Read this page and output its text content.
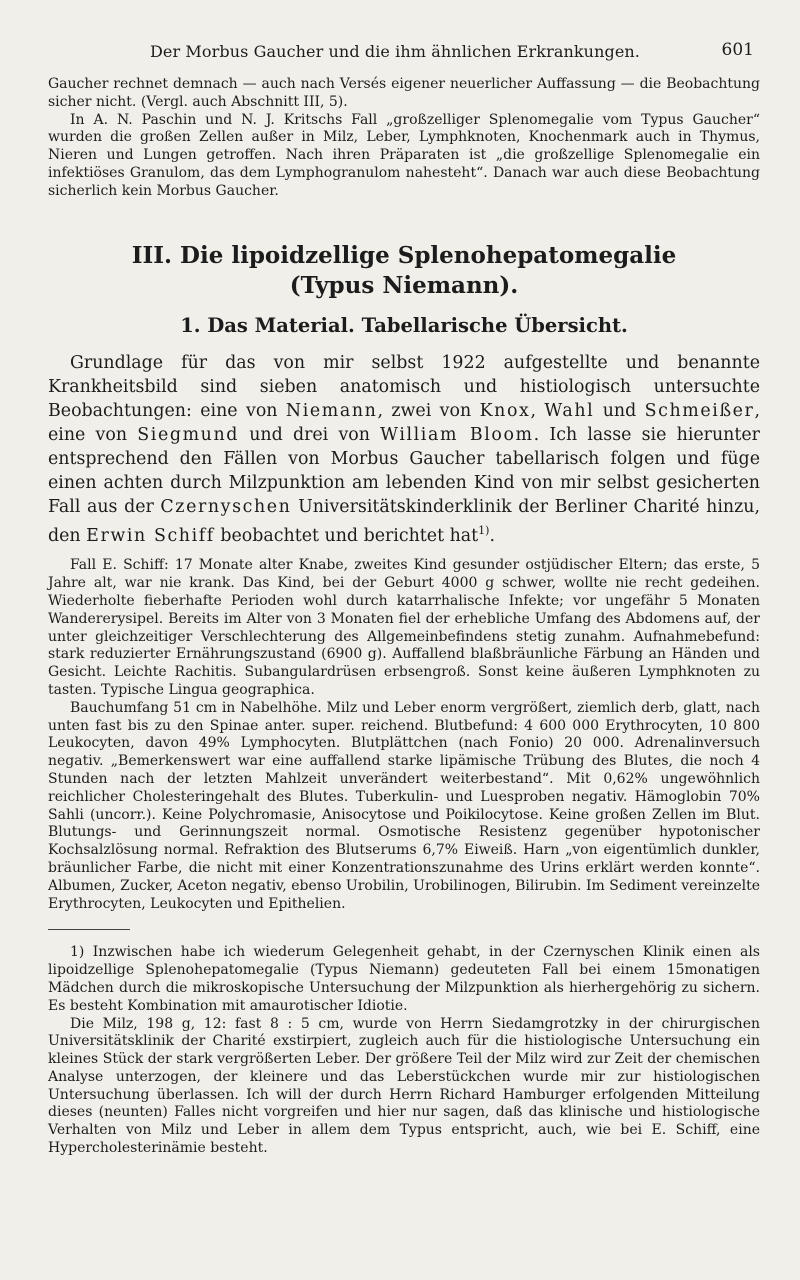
Der Morbus Gaucher und die ihm ähnlichen Erkrankungen.	601

Gaucher rechnet demnach — auch nach Versés eigener neuerlicher Auffassung — die Beobachtung sicher nicht. (Vergl. auch Abschnitt III, 5).

In A. N. Paschin und N. J. Kritschs Fall „großzelliger Splenomegalie vom Typus Gaucher“ wurden die großen Zellen außer in Milz, Leber, Lymphknoten, Knochenmark auch in Thymus, Nieren und Lungen getroffen. Nach ihren Präparaten ist „die großzellige Splenomegalie ein infektiöses Granulom, das dem Lymphogranulom nahesteht“. Danach war auch diese Beobachtung sicherlich kein Morbus Gaucher.

III. Die lipoidzellige Splenohepatomegalie
(Typus Niemann).
1. Das Material. Tabellarische Übersicht.

Grundlage für das von mir selbst 1922 aufgestellte und benannte Krankheitsbild sind sieben anatomisch und histiologisch untersuchte Beobachtungen: eine von Niemann, zwei von Knox, Wahl und Schmeißer, eine von Siegmund und drei von William Bloom. Ich lasse sie hierunter entsprechend den Fällen von Morbus Gaucher tabellarisch folgen und füge einen achten durch Milzpunktion am lebenden Kind von mir selbst gesicherten Fall aus der Czernyschen Universitätskinderklinik der Berliner Charité hinzu, den Erwin Schiff beobachtet und berichtet hat$^{1)}$.

Fall E. Schiff: 17 Monate alter Knabe, zweites Kind gesunder ostjüdischer Eltern; das erste, 5 Jahre alt, war nie krank. Das Kind, bei der Geburt 4000 g schwer, wollte nie recht gedeihen. Wiederholte fieberhafte Perioden wohl durch katarrhalische Infekte; vor ungefähr 5 Monaten Wandererysipel. Bereits im Alter von 3 Monaten fiel der erhebliche Umfang des Abdomens auf, der unter gleichzeitiger Verschlechterung des Allgemeinbefindens stetig zunahm. Aufnahmebefund: stark reduzierter Ernährungszustand (6900 g). Auffallend blaßbräunliche Färbung an Händen und Gesicht. Leichte Rachitis. Subangulardrüsen erbsengroß. Sonst keine äußeren Lymphknoten zu tasten. Typische Lingua geographica.

Bauchumfang 51 cm in Nabelhöhe. Milz und Leber enorm vergrößert, ziemlich derb, glatt, nach unten fast bis zu den Spinae anter. super. reichend. Blutbefund: 4 600 000 Erythrocyten, 10 800 Leukocyten, davon 49% Lymphocyten. Blutplättchen (nach Fonio) 20 000. Adrenalinversuch negativ. „Bemerkenswert war eine auffallend starke lipämische Trübung des Blutes, die noch 4 Stunden nach der letzten Mahlzeit unverändert weiterbestand“. Mit 0,62% ungewöhnlich reichlicher Cholesteringehalt des Blutes. Tuberkulin- und Luesproben negativ. Hämoglobin 70% Sahli (uncorr.). Keine Polychromasie, Anisocytose und Poikilocytose. Keine großen Zellen im Blut. Blutungs- und Gerinnungszeit normal. Osmotische Resistenz gegenüber hypotonischer Kochsalzlösung normal. Refraktion des Blutserums 6,7% Eiweiß. Harn „von eigentümlich dunkler, bräunlicher Farbe, die nicht mit einer Konzentrationszunahme des Urins erklärt werden konnte“. Albumen, Zucker, Aceton negativ, ebenso Urobilin, Urobilinogen, Bilirubin. Im Sediment vereinzelte Erythrocyten, Leukocyten und Epithelien.

1) Inzwischen habe ich wiederum Gelegenheit gehabt, in der Czernyschen Klinik einen als lipoidzellige Splenohepatomegalie (Typus Niemann) gedeuteten Fall bei einem 15monatigen Mädchen durch die mikroskopische Untersuchung der Milzpunktion als hierhergehörig zu sichern. Es besteht Kombination mit amaurotischer Idiotie.

Die Milz, 198 g, 12: fast 8 : 5 cm, wurde von Herrn Siedamgrotzky in der chirurgischen Universitätsklinik der Charité exstirpiert, zugleich auch für die histiologische Untersuchung ein kleines Stück der stark vergrößerten Leber. Der größere Teil der Milz wird zur Zeit der chemischen Analyse unterzogen, der kleinere und das Leberstückchen wurde mir zur histiologischen Untersuchung überlassen. Ich will der durch Herrn Richard Hamburger erfolgenden Mitteilung dieses (neunten) Falles nicht vorgreifen und hier nur sagen, daß das klinische und histiologische Verhalten von Milz und Leber in allem dem Typus entspricht, auch, wie bei E. Schiff, eine Hypercholesterinämie besteht.
